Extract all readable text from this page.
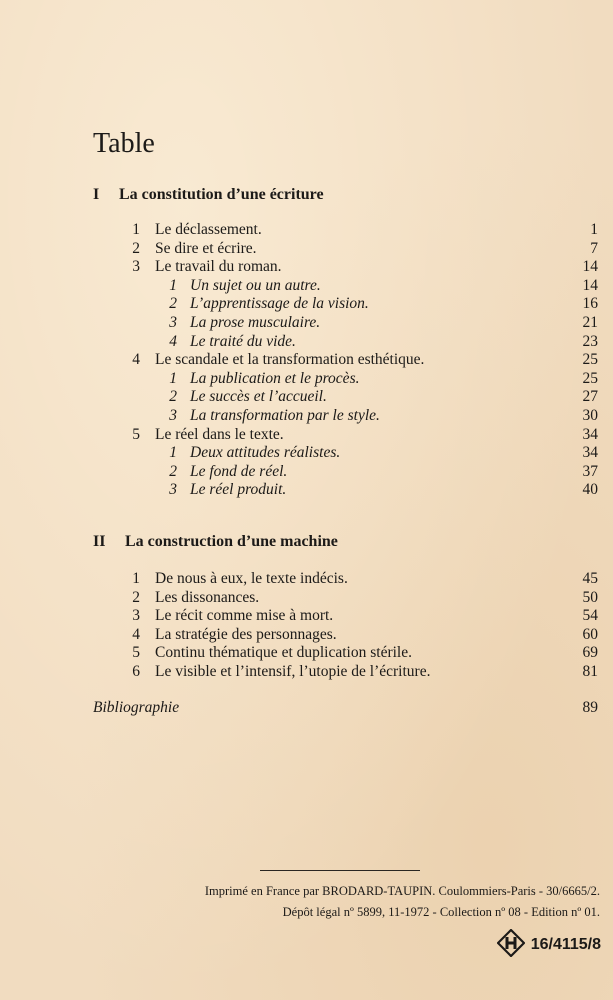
Table
I La constitution d’une écriture
1 Le déclassement.	1
2 Se dire et écrire.	7
3 Le travail du roman.	14
1 Un sujet ou un autre.	14
2 L’apprentissage de la vision.	16
3 La prose musculaire.	21
4 Le traité du vide.	23
4 Le scandale et la transformation esthétique.	25
1 La publication et le procès.	25
2 Le succès et l’accueil.	27
3 La transformation par le style.	30
5 Le réel dans le texte.	34
1 Deux attitudes réalistes.	34
2 Le fond de réel.	37
3 Le réel produit.	40
II La construction d’une machine
1 De nous à eux, le texte indécis.	45
2 Les dissonances.	50
3 Le récit comme mise à mort.	54
4 La stratégie des personnages.	60
5 Continu thématique et duplication stérile.	69
6 Le visible et l’intensif, l’utopie de l’écriture.	81
Bibliographie	89
Imprimé en France par BRODARD-TAUPIN. Coulommiers-Paris - 30/6665/2.
Dépôt légal nº 5899, 11-1972 - Collection nº 08 - Edition nº 01.
16/4115/8
